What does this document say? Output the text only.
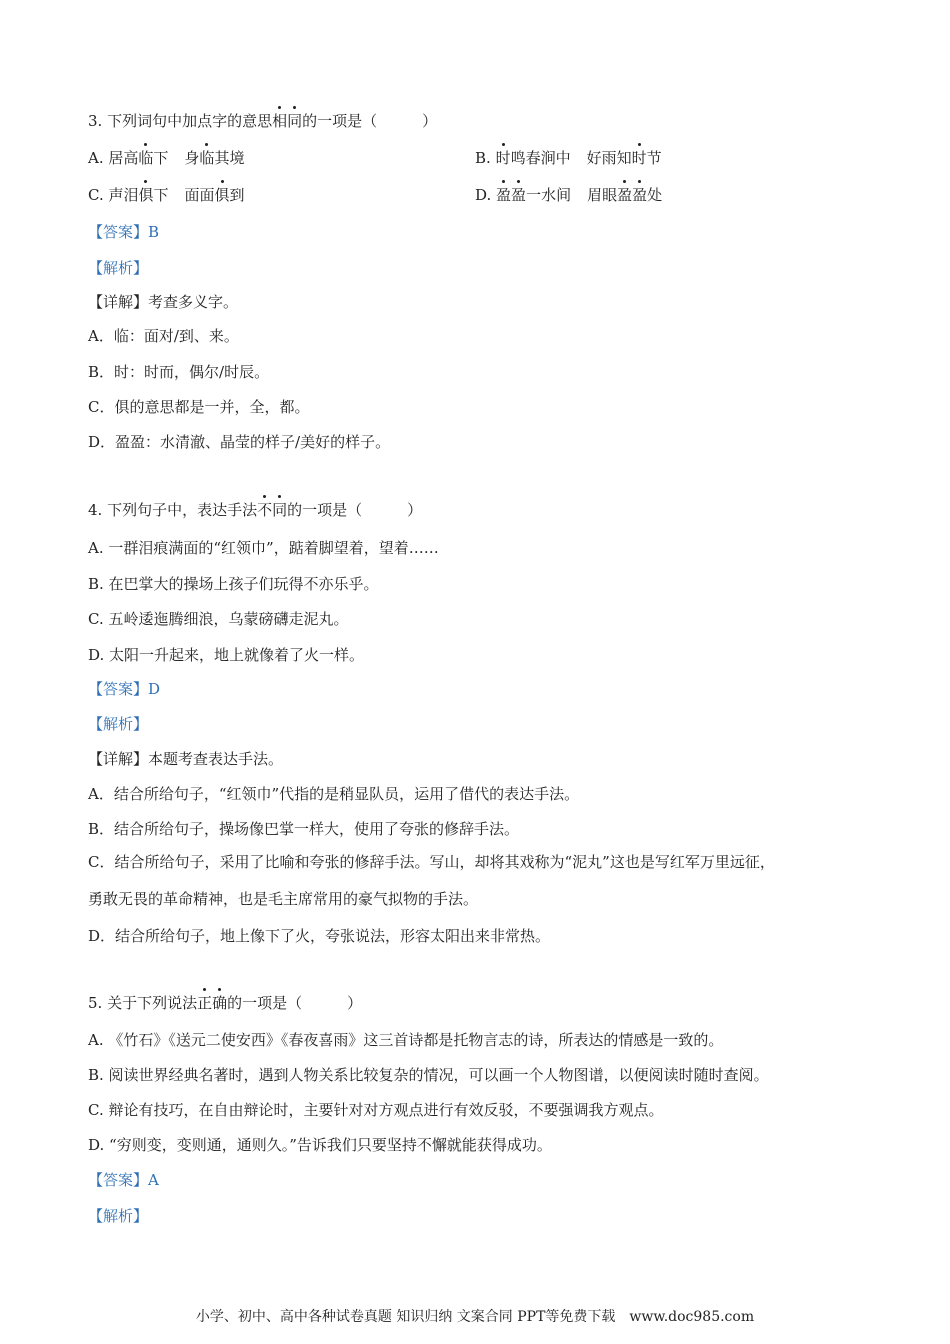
3. 下列词句中加点字的意思相同的一项是（　　　）
A. 居高临下 身临其境	B. 时鸣春涧中 好雨知时节
C. 声泪俱下 面面俱到	D. 盈盈一水间 眉眼盈盈处
【答案】B
【解析】
【详解】考查多义字。
A．临：面对/到、来。
B．时：时而，偶尔/时辰。
C．俱的意思都是一并，全，都。
D．盈盈：水清澈、晶莹的样子/美好的样子。
4. 下列句子中，表达手法不同的一项是（　　　）
A. 一群泪痕满面的“红领巾”，踮着脚望着，望着……
B. 在巴掌大的操场上孩子们玩得不亦乐乎。
C. 五岭逶迤腾细浪，乌蒙磅礴走泥丸。
D. 太阳一升起来，地上就像着了火一样。
【答案】D
【解析】
【详解】本题考查表达手法。
A．结合所给句子，“红领巾”代指的是稍显队员，运用了借代的表达手法。
B．结合所给句子，操场像巴掌一样大，使用了夸张的修辞手法。
C．结合所给句子，采用了比喻和夸张的修辞手法。写山，却将其戏称为“泥丸”这也是写红军万里远征，
勇敢无畏的革命精神，也是毛主席常用的豪气拟物的手法。
D．结合所给句子，地上像下了火，夸张说法，形容太阳出来非常热。
5. 关于下列说法正确的一项是（　　　）
A. 《竹石》《送元二使安西》《春夜喜雨》这三首诗都是托物言志的诗，所表达的情感是一致的。
B. 阅读世界经典名著时，遇到人物关系比较复杂的情况，可以画一个人物图谱，以便阅读时随时查阅。
C. 辩论有技巧，在自由辩论时，主要针对对方观点进行有效反驳，不要强调我方观点。
D. “穷则变，变则通，通则久。”告诉我们只要坚持不懈就能获得成功。
【答案】A
【解析】
小学、初中、高中各种试卷真题 知识归纳 文案合同 PPT等免费下载　www.doc985.com
